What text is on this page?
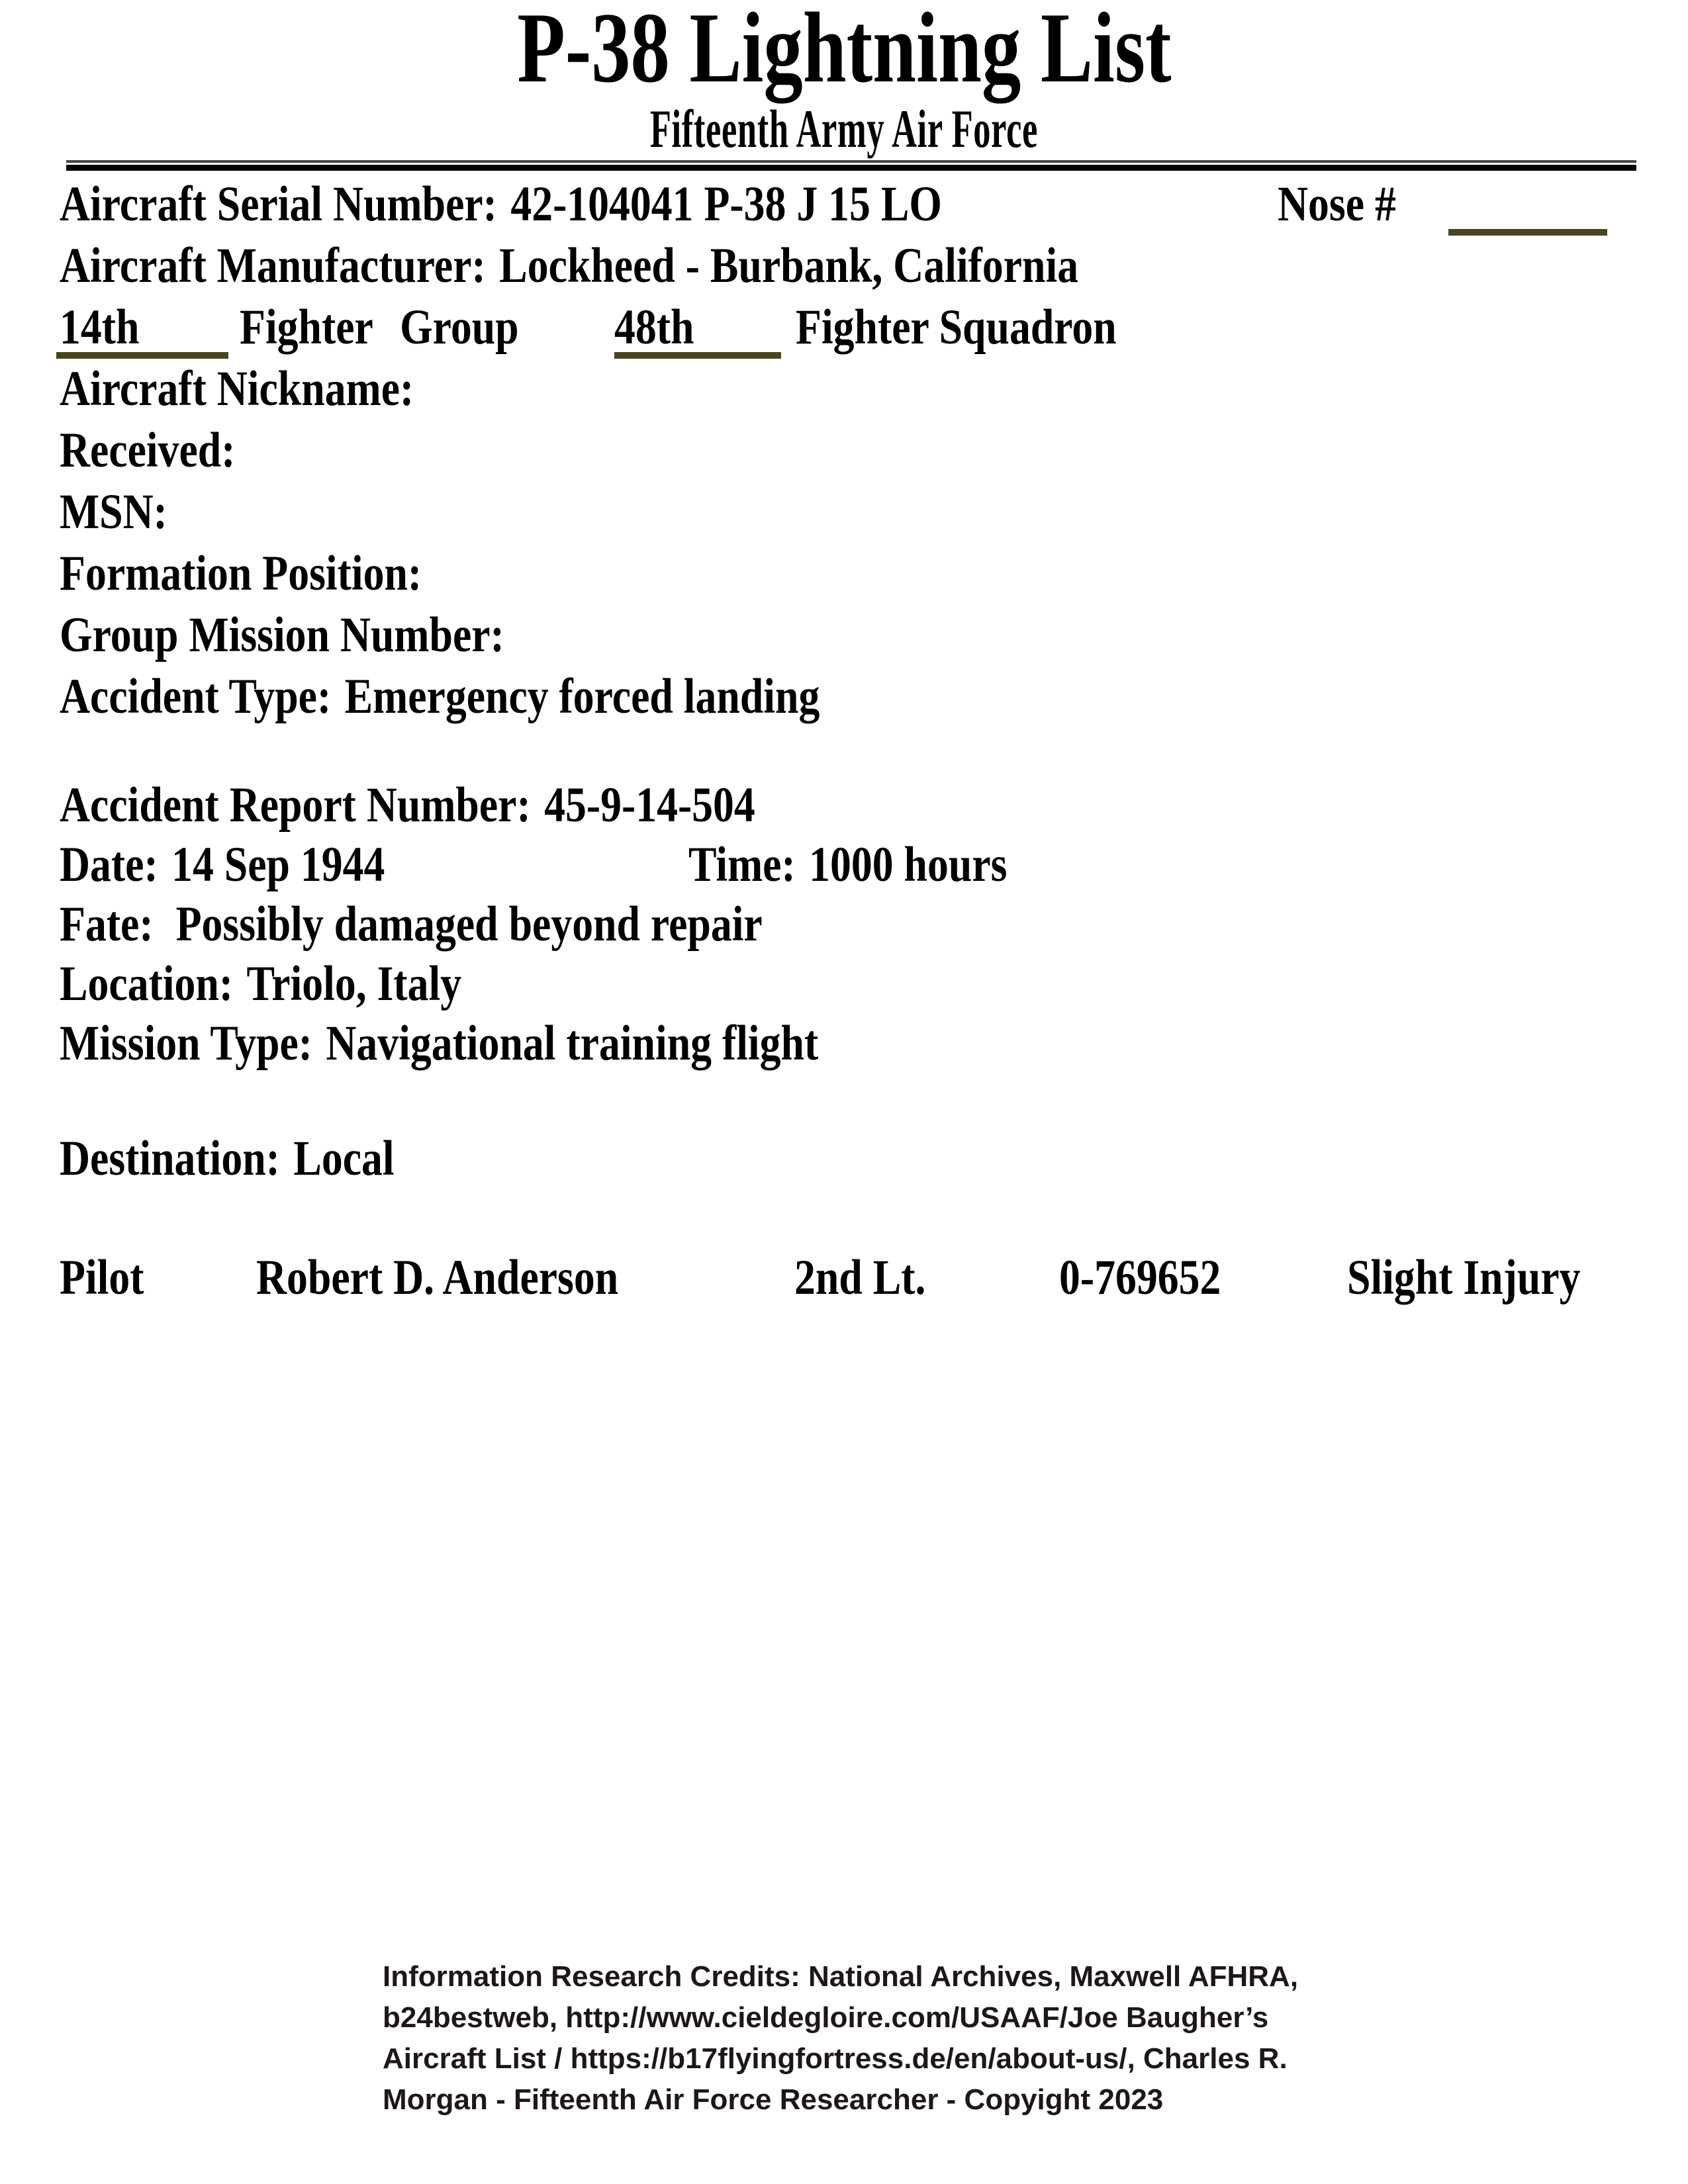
P-38 Lightning List
Fifteenth Army Air Force
Aircraft Serial Number: 42-104041 P-38 J 15 LO	Nose #
Aircraft Manufacturer: Lockheed - Burbank, California
14th Fighter Group	48th Fighter Squadron
Aircraft Nickname:
Received:
MSN:
Formation Position:
Group Mission Number:
Accident Type: Emergency forced landing
Accident Report Number: 45-9-14-504
Date: 14 Sep 1944	Time: 1000 hours
Fate: Possibly damaged beyond repair
Location: Triolo, Italy
Mission Type: Navigational training flight
Destination: Local
Pilot Robert D. Anderson	2nd Lt.	0-769652	Slight Injury
Information Research Credits: National Archives, Maxwell AFHRA,
b24bestweb, http://www.cieldegloire.com/USAAF/Joe Baugher’s
Aircraft List / https://b17flyingfortress.de/en/about-us/, Charles R.
Morgan - Fifteenth Air Force Researcher - Copyight 2023
